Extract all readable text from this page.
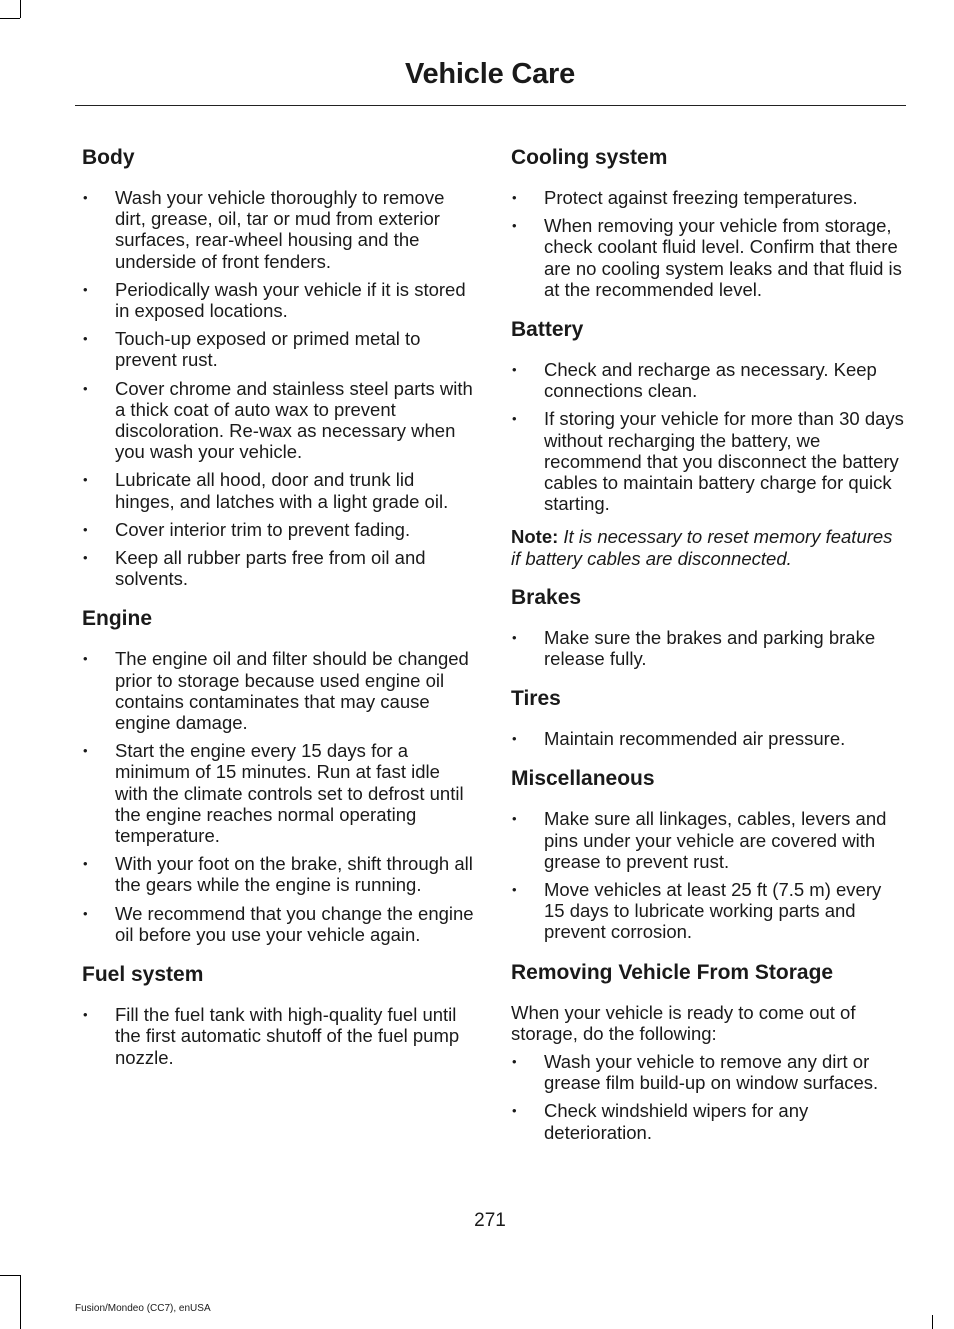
Vehicle Care
Body
• Wash your vehicle thoroughly to remove dirt, grease, oil, tar or mud from exterior surfaces, rear-wheel housing and the underside of front fenders.
• Periodically wash your vehicle if it is stored in exposed locations.
• Touch-up exposed or primed metal to prevent rust.
• Cover chrome and stainless steel parts with a thick coat of auto wax to prevent discoloration. Re-wax as necessary when you wash your vehicle.
• Lubricate all hood, door and trunk lid hinges, and latches with a light grade oil.
• Cover interior trim to prevent fading.
• Keep all rubber parts free from oil and solvents.
Engine
• The engine oil and filter should be changed prior to storage because used engine oil contains contaminates that may cause engine damage.
• Start the engine every 15 days for a minimum of 15 minutes. Run at fast idle with the climate controls set to defrost until the engine reaches normal operating temperature.
• With your foot on the brake, shift through all the gears while the engine is running.
• We recommend that you change the engine oil before you use your vehicle again.
Fuel system
• Fill the fuel tank with high-quality fuel until the first automatic shutoff of the fuel pump nozzle.
Cooling system
• Protect against freezing temperatures.
• When removing your vehicle from storage, check coolant fluid level. Confirm that there are no cooling system leaks and that fluid is at the recommended level.
Battery
• Check and recharge as necessary. Keep connections clean.
• If storing your vehicle for more than 30 days without recharging the battery, we recommend that you disconnect the battery cables to maintain battery charge for quick starting.

Note: It is necessary to reset memory features if battery cables are disconnected.

Brakes
• Make sure the brakes and parking brake release fully.
Tires
• Maintain recommended air pressure.
Miscellaneous
• Make sure all linkages, cables, levers and pins under your vehicle are covered with grease to prevent rust.
• Move vehicles at least 25 ft (7.5 m) every 15 days to lubricate working parts and prevent corrosion.
Removing Vehicle From Storage

When your vehicle is ready to come out of storage, do the following:

• Wash your vehicle to remove any dirt or grease film build-up on window surfaces.
• Check windshield wipers for any deterioration.
271
Fusion/Mondeo (CC7), enUSA
